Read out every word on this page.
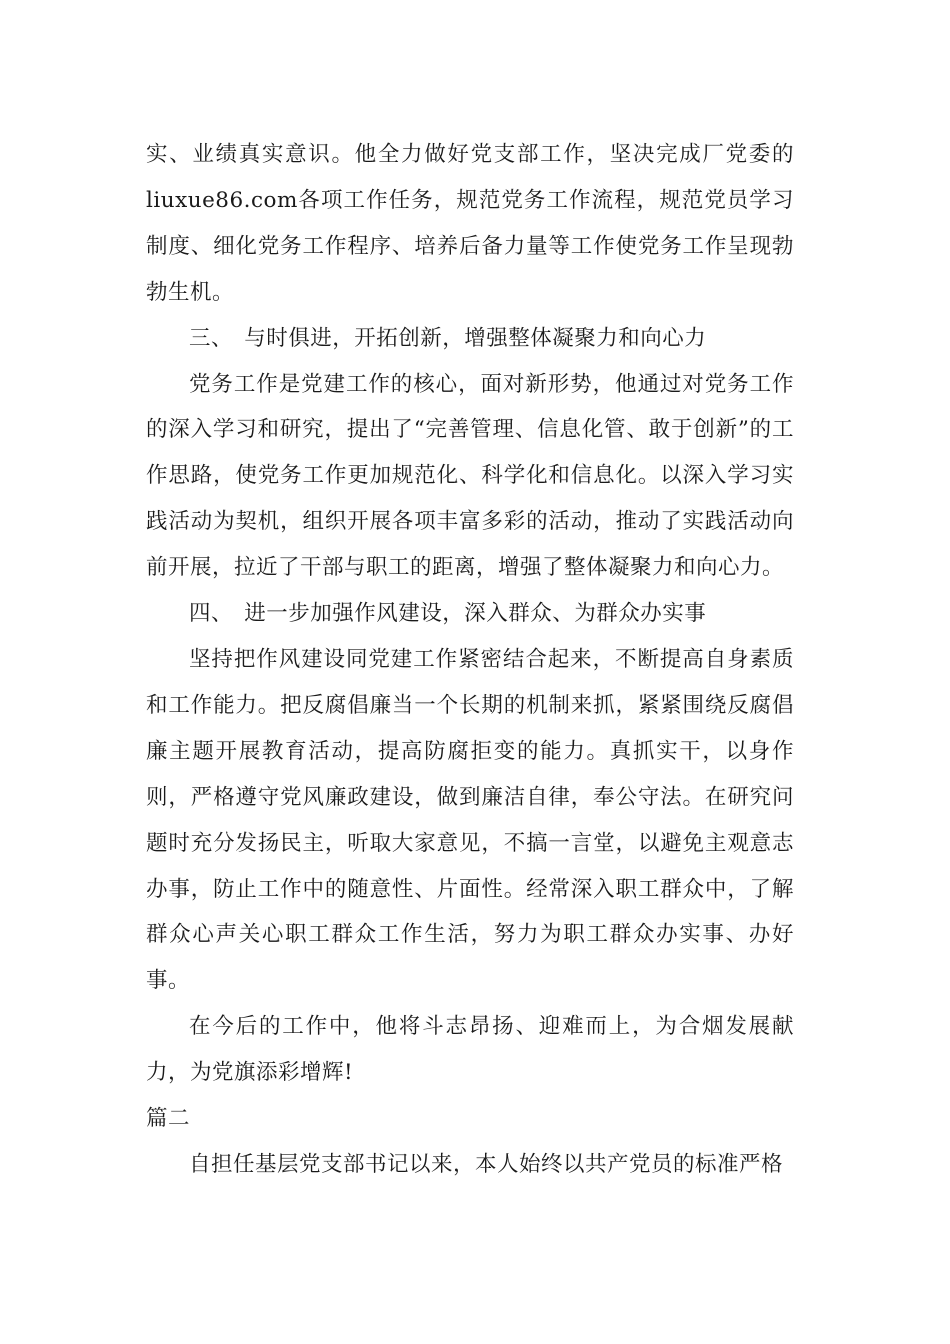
实、业绩真实意识。他全力做好党支部工作，坚决完成厂党委的liuxue86.com各项工作任务，规范党务工作流程，规范党员学习制度、细化党务工作程序、培养后备力量等工作使党务工作呈现勃勃生机。

三、　与时俱进，开拓创新，增强整体凝聚力和向心力

党务工作是党建工作的核心，面对新形势，他通过对党务工作的深入学习和研究，提出了“完善管理、信息化管、敢于创新”的工作思路，使党务工作更加规范化、科学化和信息化。以深入学习实践活动为契机，组织开展各项丰富多彩的活动，推动了实践活动向前开展，拉近了干部与职工的距离，增强了整体凝聚力和向心力。

四、　进一步加强作风建设，深入群众、为群众办实事

坚持把作风建设同党建工作紧密结合起来，不断提高自身素质和工作能力。把反腐倡廉当一个长期的机制来抓，紧紧围绕反腐倡廉主题开展教育活动，提高防腐拒变的能力。真抓实干，以身作则，严格遵守党风廉政建设，做到廉洁自律，奉公守法。在研究问题时充分发扬民主，听取大家意见，不搞一言堂，以避免主观意志办事，防止工作中的随意性、片面性。经常深入职工群众中，了解群众心声关心职工群众工作生活，努力为职工群众办实事、办好事。

在今后的工作中，他将斗志昂扬、迎难而上，为合烟发展献力，为党旗添彩增辉!

篇二

自担任基层党支部书记以来，本人始终以共产党员的标准严格
